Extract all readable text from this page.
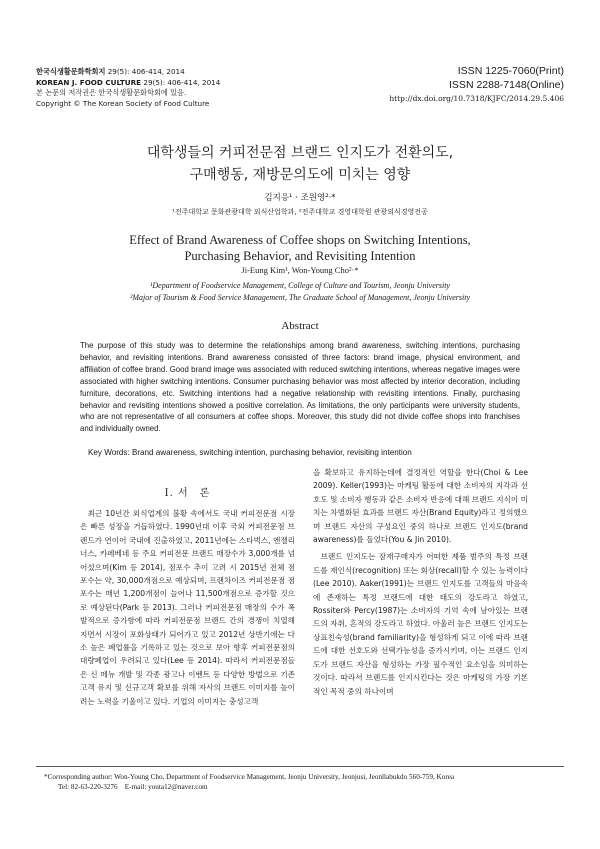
한국식생활문화학회지 29(5): 406-414, 2014
KOREAN J. FOOD CULTURE 29(5): 406-414, 2014
본 논문의 저작권은 한국식생활문화학회에 있음.
Copyright © The Korean Society of Food Culture
ISSN 1225-7060(Print)
ISSN 2288-7148(Online)
http://dx.doi.org/10.7318/KJFC/2014.29.5.406
대학생들의 커피전문점 브랜드 인지도가 전환의도,
구매행동, 재방문의도에 미치는 영향
김지응¹ · 조원영²·*
¹전주대학교 문화관광대학 외식산업학과, ²전주대학교 경영대학원 관광외식경영전공
Effect of Brand Awareness of Coffee shops on Switching Intentions,
Purchasing Behavior, and Revisiting Intention
Ji-Eung Kim¹, Won-Young Cho²·*
¹Department of Foodservice Management, College of Culture and Tourism, Jeonju University
²Major of Tourism & Food Service Management, The Graduate School of Management, Jeonju University
Abstract
The purpose of this study was to determine the relationships among brand awareness, switching intentions, purchasing behavior, and revisiting intentions. Brand awareness consisted of three factors: brand image, physical environment, and affiliation of coffee brand. Good brand image was associated with reduced switching intentions, whereas negative images were associated with higher switching intentions. Consumer purchasing behavior was most affected by interior decoration, including furniture, decorations, etc. Switching intentions had a negative relationship with revisiting intentions. Finally, purchasing behavior and revisiting intentions showed a positive correlation. As limitations, the only participants were university students, who are not representative of all consumers at coffee shops. Moreover, this study did not divide coffee shops into franchises and individually owned.
Key Words: Brand awareness, switching intention, purchasing behavior, revisiting intention
I. 서　론

최근 10년간 외식업계의 불황 속에서도 국내 커피전문점 시장은 빠른 성장을 거듭하였다. 1990년대 이후 국외 커피전문점 브랜드가 연이어 국내에 진출하였고, 2011년에는 스타벅스, 엔젤리너스, 카페베네 등 주요 커피전문 브랜드 매장수가 3,000개를 넘어섰으며(Kim 등 2014), 점포수 추이 고려 시 2015년 전체 점포수는 약, 30,000개점으로 예상되며, 프랜차이즈 커피전문점 점포수는 매년 1,200개점이 늘어나 11,500개점으로 증가할 것으로 예상된다(Park 등 2013). 그러나 커피전문점 매장의 수가 폭발적으로 증가함에 따라 커피전문점 브랜드 간의 경쟁이 치열해 지면서 시장이 포화상태가 되어가고 있고 2012년 상반기에는 다소 높은 폐업률을 기록하고 있는 것으로 보아 향후 커피전문점의 대량폐업이 우려되고 있다(Lee 등 2014). 따라서 커피전문점들은 신 메뉴 개발 및 각종 광고나 이벤트 등 다양한 방법으로 기존고객 유지 및 신규고객 확보를 위해 자사의 브랜드 이미지를 높이려는 노력을 기울이고 있다. 기업의 이미지는 충성고객

을 확보하고 유지하는데에 결정적인 역할을 한다(Choi & Lee 2009). Keller(1993)는 마케팅 활동에 대한 소비자의 지각과 선호도 및 소비자 행동과 같은 소비자 반응에 대해 브랜드 지식이 미치는 차별화된 효과를 브랜드 자산(Brand Equity)라고 정의했으며 브랜드 자산의 구성요인 중의 하나로 브랜드 인지도(brand awareness)를 들었다(You & Jin 2010).

브랜드 인지도는 잠재구매자가 어떠한 제품 범주의 특정 브랜드를 재인식(recognition) 또는 회상(recall)할 수 있는 능력이다(Lee 2010). Aaker(1991)는 브랜드 인지도를 고객들의 마음속에 존재하는 특정 브랜드에 대한 태도의 강도라고 하였고, Rossiter와 Percy(1987)는 소비자의 기억 속에 남아있는 브랜드의 자취, 흔적의 강도라고 하였다. 아울러 높은 브랜드 인지도는 상표친숙성(brand familiarity)을 형성하게 되고 이에 따라 브랜드에 대한 선호도와 선택가능성을 증가시키며, 이는 브랜드 인지도가 브랜드 자산을 형성하는 가장 필수적인 요소임을 의미하는 것이다. 따라서 브랜드를 인지시킨다는 것은 마케팅의 가장 기본적인 목적 중의 하나이며

*Corresponding author: Won-Young Cho, Department of Foodservice Management, Jeonju University, Jeonjusi, Jeonllabukdo 560-759, Korea
Tel: 82-63-220-3276　E-mail: youta12@naver.com
